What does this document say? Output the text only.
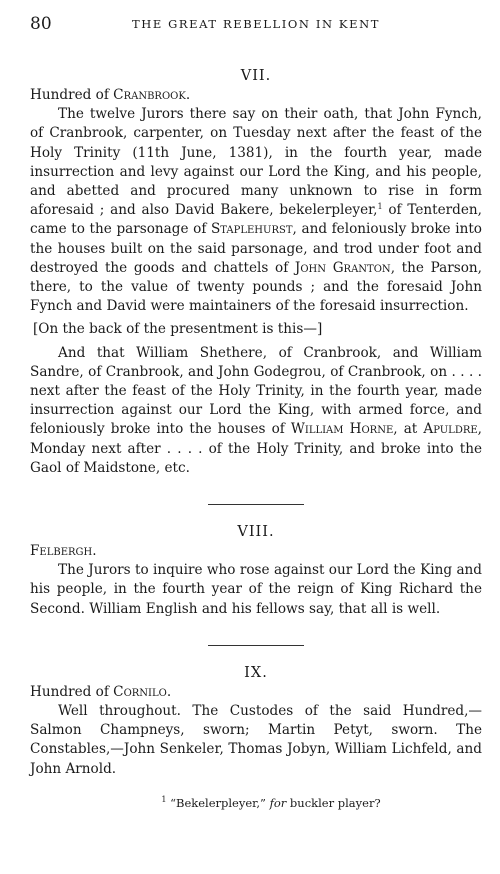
80	THE GREAT REBELLION IN KENT
VII.

Hundred of Cranbrook.

The twelve Jurors there say on their oath, that John Fynch, of Cranbrook, carpenter, on Tuesday next after the feast of the Holy Trinity (11th June, 1381), in the fourth year, made insurrection and levy against our Lord the King, and his people, and abetted and procured many unknown to rise in form aforesaid ; and also David Bakere, bekelerpleyer,$^1$ of Tenterden, came to the parsonage of Staplehurst, and feloniously broke into the houses built on the said parsonage, and trod under foot and destroyed the goods and chattels of John Granton, the Parson, there, to the value of twenty pounds ; and the foresaid John Fynch and David were maintainers of the foresaid insurrection.

[On the back of the presentment is this—]

And that William Shethere, of Cranbrook, and William Sandre, of Cranbrook, and John Godegrou, of Cranbrook, on . . . . next after the feast of the Holy Trinity, in the fourth year, made insurrection against our Lord the King, with armed force, and feloniously broke into the houses of William Horne, at Apuldre, Monday next after . . . . of the Holy Trinity, and broke into the Gaol of Maidstone, etc.

VIII.

Felbergh.

The Jurors to inquire who rose against our Lord the King and his people, in the fourth year of the reign of King Richard the Second. William English and his fellows say, that all is well.

IX.

Hundred of Cornilo.

Well throughout. The Custodes of the said Hundred,—Salmon Champneys, sworn; Martin Petyt, sworn. The Constables,—John Senkeler, Thomas Jobyn, William Lichfeld, and John Arnold.

$^1$ “Bekelerpleyer,” for buckler player?
